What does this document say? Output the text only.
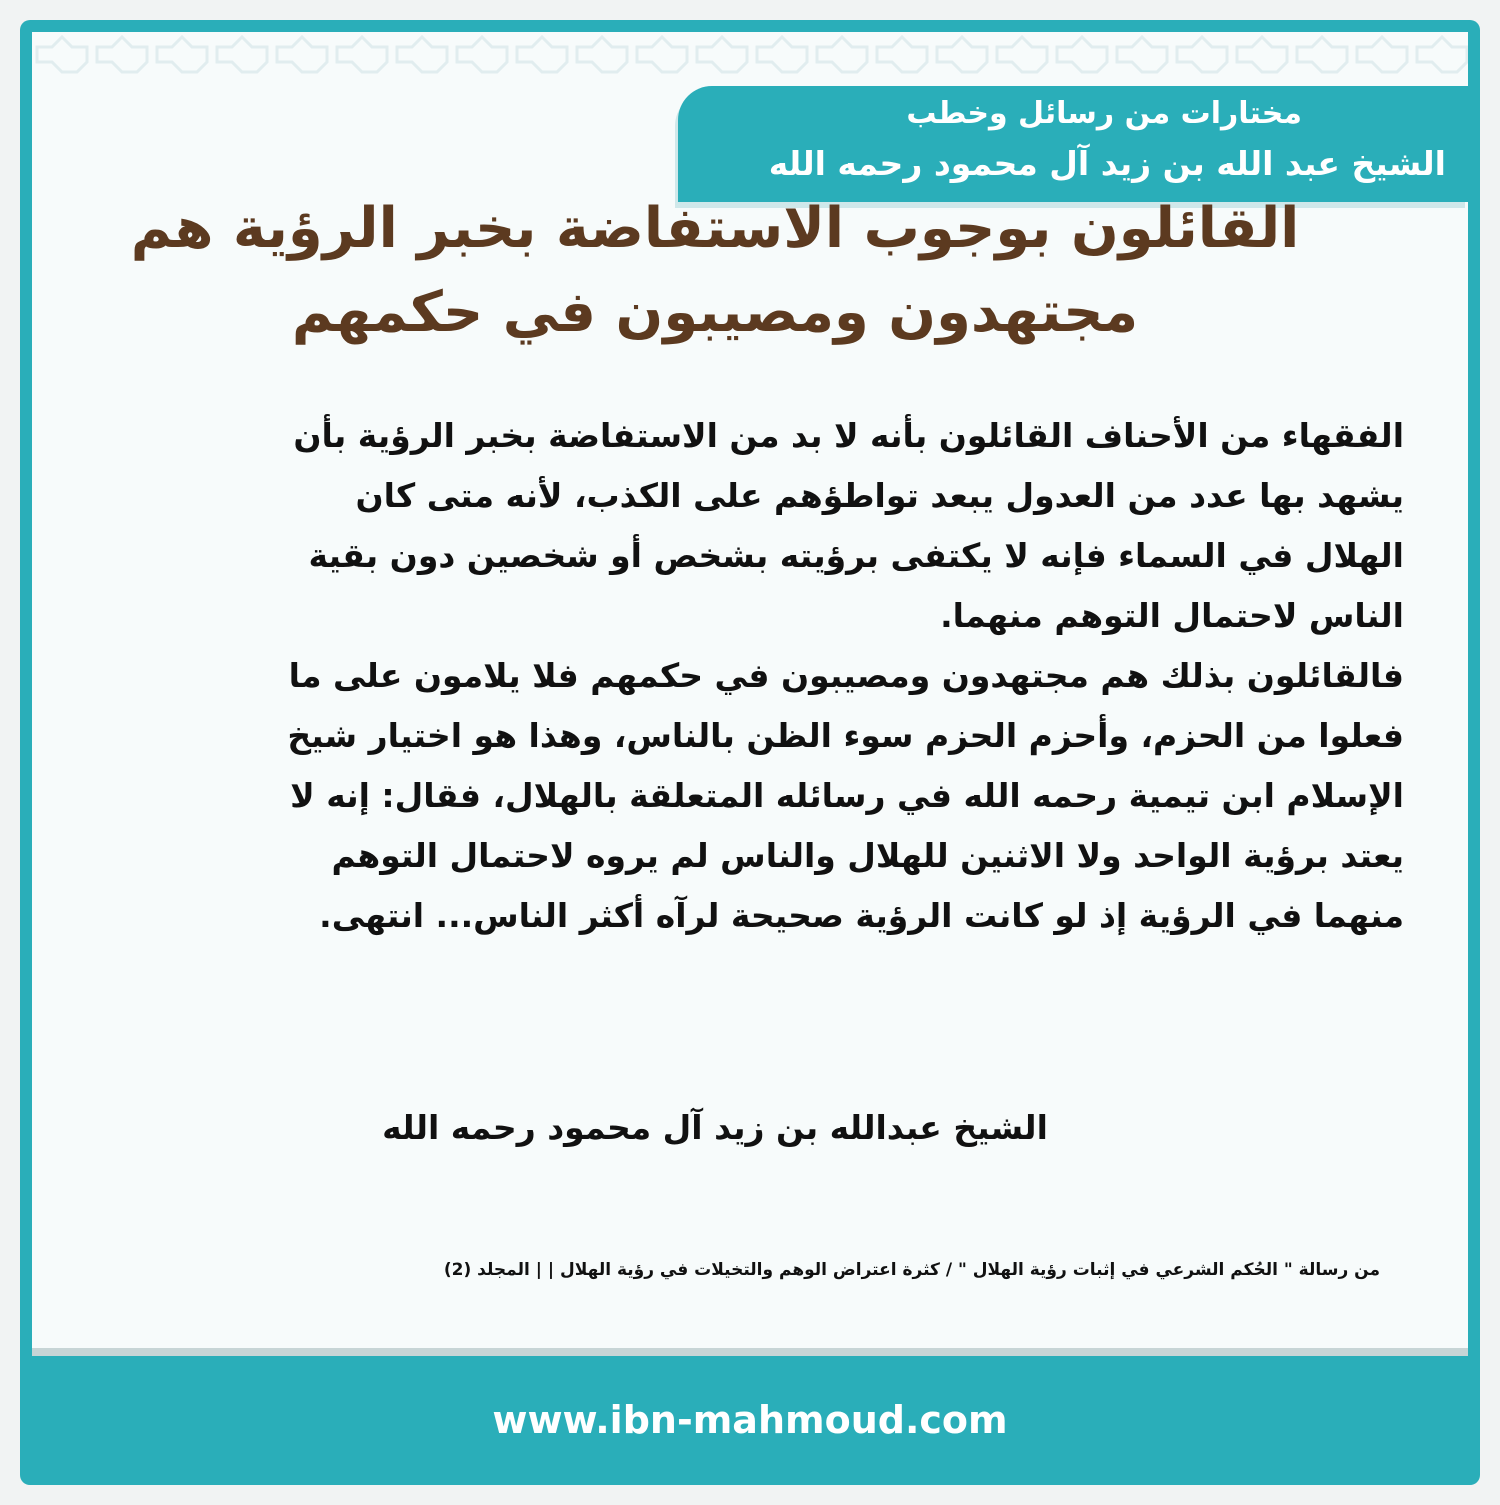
www.ibn-mahmoud.com
مختارات من رسائل وخطب
الشيخ عبد الله بن زيد آل محمود رحمه الله
القائلون بوجوب الاستفاضة بخبر الرؤية هم
مجتهدون ومصيبون في حكمهم
الفقهاء من الأحناف القائلون بأنه لا بد من الاستفاضة بخبر الرؤية بأن
يشهد بها عدد من العدول يبعد تواطؤهم على الكذب، لأنه متى كان
الهلال في السماء فإنه لا يكتفى برؤيته بشخص أو شخصين دون بقية
الناس لاحتمال التوهم منهما.
فالقائلون بذلك هم مجتهدون ومصيبون في حكمهم فلا يلامون على ما
فعلوا من الحزم، وأحزم الحزم سوء الظن بالناس، وهذا هو اختيار شيخ
الإسلام ابن تيمية رحمه الله في رسائله المتعلقة بالهلال، فقال: إنه لا
يعتد برؤية الواحد ولا الاثنين للهلال والناس لم يروه لاحتمال التوهم
منهما في الرؤية إذ لو كانت الرؤية صحيحة لرآه أكثر الناس... انتهى.
الشيخ عبدالله بن زيد آل محمود رحمه الله
من رسالة " الحُكم الشرعي في إثبات رؤية الهلال " / كثرة اعتراض الوهم والتخيلات في رؤية الهلال | | المجلد (2)
